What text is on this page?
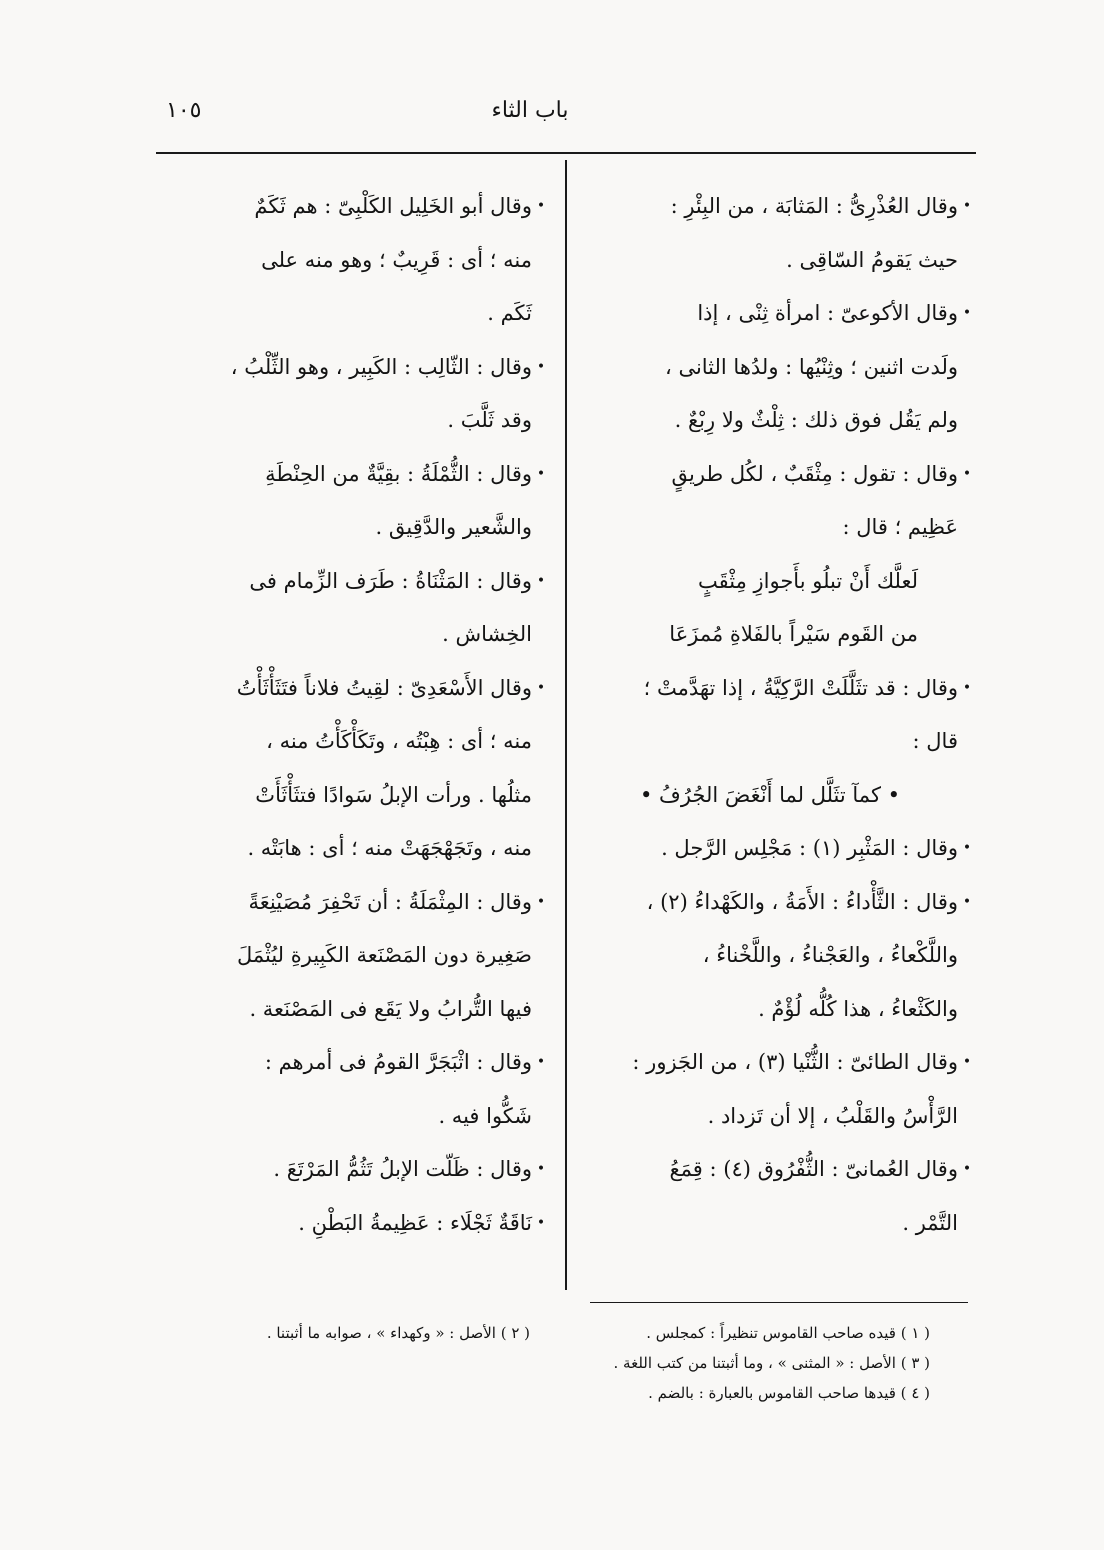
باب الثاء
١٠٥
•
وقال العُذْرِىُّ : المَثابَة ، من البِئْرِ :
حيث يَقومُ السّاقِى .
•
وقال الأكوعىّ : امرأة ثِنْى ، إذا
ولَدت اثنين ؛ وثِنْيُها : ولدُها الثانى ،
ولم يَقُل فوق ذلك : ثِلْثٌ ولا رِبْعٌ .
•
وقال : تقول : مِثْقَبٌ ، لكُل طريقٍ
عَظِيم ؛ قال :
لَعلَّك أَنْ تبلُو بأَجوازِ مِثْقَبٍ
من القَوم سَيْراً بالفَلاةِ مُمزَعَا
•
وقال : قد تثَلَّلَتْ الرَّكِيَّةُ ، إذا تهَدَّمتْ ؛
قال :
• كمآ تثَلَّل لما أَنْغَضَ الجُرُفُ •
•
وقال : المَثْبِر (١) : مَجْلِس الرَّجل .
•
وقال : الثَّأْداءُ : الأَمَةُ ، والكَهْداءُ (٢) ،
واللَّكْعاءُ ، والعَجْناءُ ، واللَّخْناءُ ،
والكَثْعاءُ ، هذا كُلُّه لُؤْمٌ .
•
وقال الطائىّ : الثُّنْيا (٣) ، من الجَزور :
الرَّأْسُ والقَلْبُ ، إلا أن تَزداد .
•
وقال العُمانىّ : الثُّفْرُوق (٤) : قِمَعُ
التَّمْر .
•
وقال أبو الخَلِيل الكَلْبِىّ : هم ثَكَمٌ
منه ؛ أى : قَرِيبٌ ؛ وهو منه على
ثَكَم .
•
وقال : الثّالِب : الكَبِير ، وهو الثِّلْبُ ،
وقد ثَلَّبَ .
•
وقال : الثُّمْلَةُ : بقِيَّةٌ من الحِنْطَةِ
والشَّعير والدَّقِيق .
•
وقال : المَثْنَاةُ : طَرَف الزِّمام فى
الخِشاش .
•
وقال الأَسْعَدِىّ : لقِيتُ فلاناً فتَثَأْثَأْتُ
منه ؛ أى : هِبْتُه ، وتَكَأْكَأْتُ منه ،
مثلُها . ورأت الإبلُ سَوادًا فتثَأْثَأَتْ
منه ، وتَجَهْجَهَتْ منه ؛ أى : هابَتْه .
•
وقال : المِثْمَلَةُ : أن تَحْفِرَ مُصَيْنِعَةً
صَغِيرة دون المَصْنَعة الكَبِيرةِ ليُثْمَلَ
فيها التُّرابُ ولا يَقَع فى المَصْنَعة .
•
وقال : اثْبَجَرَّ القومُ فى أمرهم :
شَكُّوا فيه .
•
وقال : ظَلّت الإبلُ تَثُمُّ المَرْتَعَ .
•
نَاقَةٌ ثَجْلَاء : عَظِيمةُ البَطْنِ .
( ١ ) قيده صاحب القاموس تنظيراً : كمجلس .
( ٣ ) الأصل : « المثنى » ، وما أثبتنا من كتب اللغة .
( ٤ ) قيدها صاحب القاموس بالعبارة : بالضم .
( ٢ ) الأصل : « وكهداء » ، صوابه ما أثبتنا .
